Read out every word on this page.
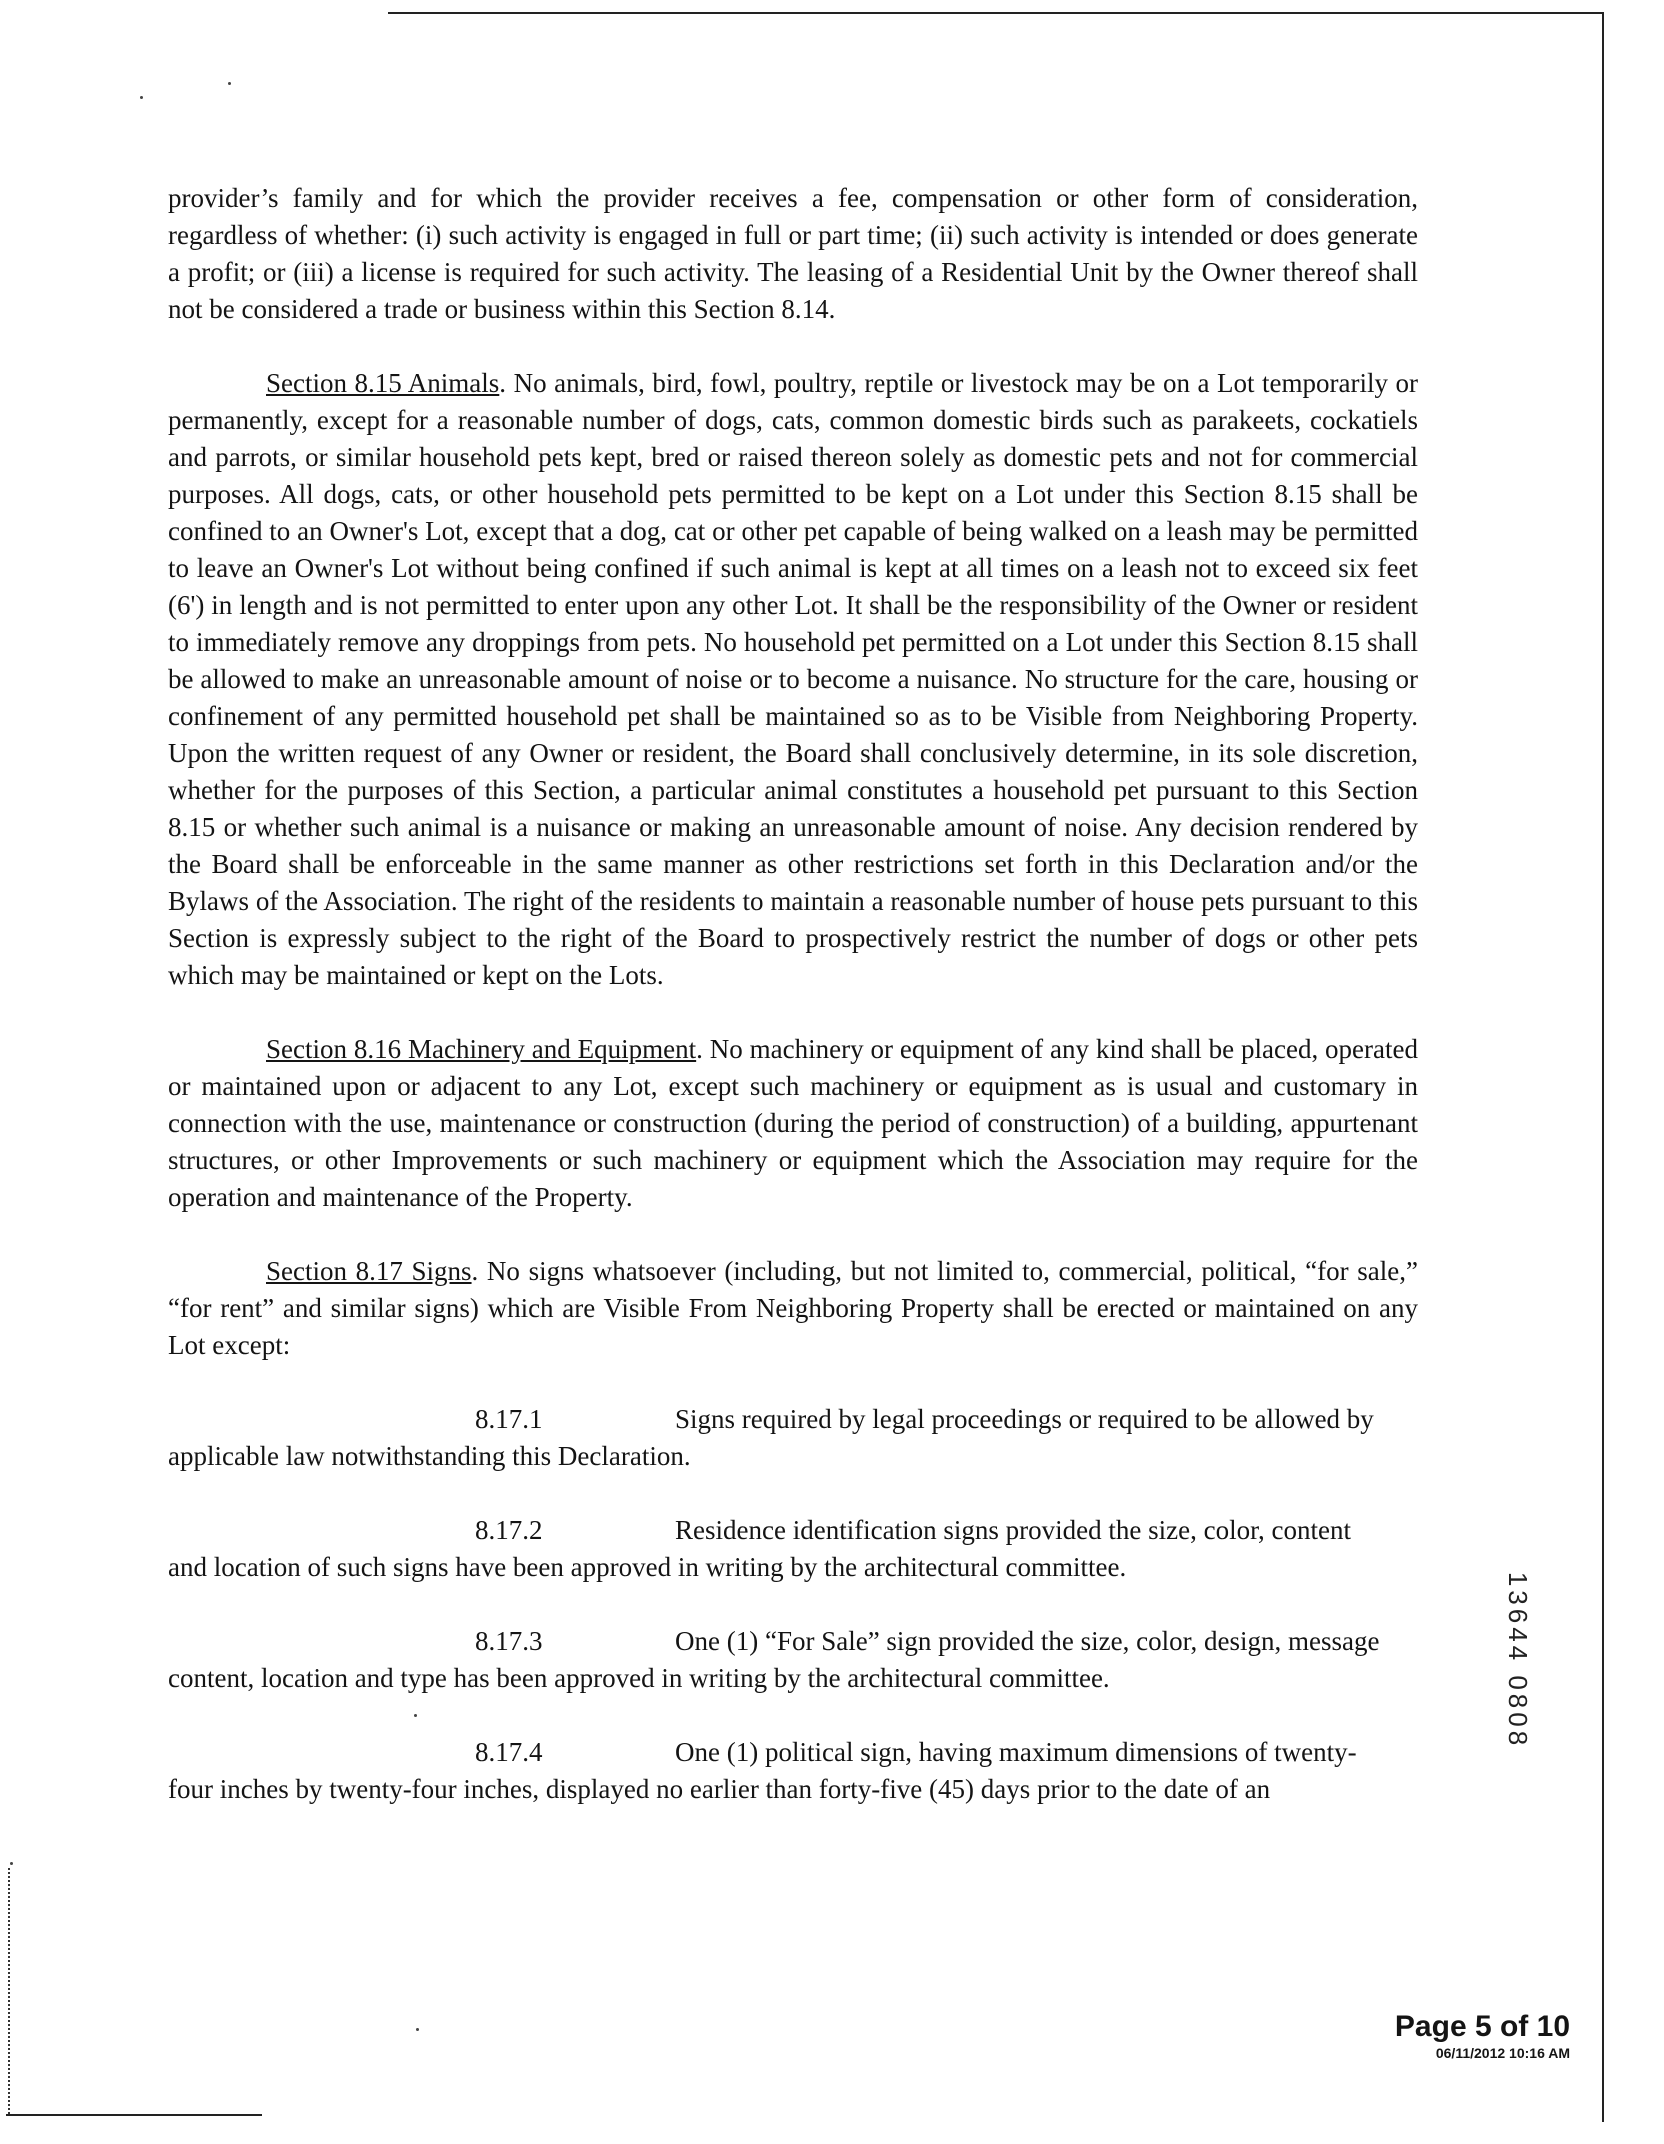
provider’s family and for which the provider receives a fee, compensation or other form of consideration, regardless of whether: (i) such activity is engaged in full or part time; (ii) such activity is intended or does generate a profit; or (iii) a license is required for such activity. The leasing of a Residential Unit by the Owner thereof shall not be considered a trade or business within this Section 8.14.

Section 8.15 Animals. No animals, bird, fowl, poultry, reptile or livestock may be on a Lot temporarily or permanently, except for a reasonable number of dogs, cats, common domestic birds such as parakeets, cockatiels and parrots, or similar household pets kept, bred or raised thereon solely as domestic pets and not for commercial purposes. All dogs, cats, or other household pets permitted to be kept on a Lot under this Section 8.15 shall be confined to an Owner's Lot, except that a dog, cat or other pet capable of being walked on a leash may be permitted to leave an Owner's Lot without being confined if such animal is kept at all times on a leash not to exceed six feet (6') in length and is not permitted to enter upon any other Lot. It shall be the responsibility of the Owner or resident to immediately remove any droppings from pets. No household pet permitted on a Lot under this Section 8.15 shall be allowed to make an unreasonable amount of noise or to become a nuisance. No structure for the care, housing or confinement of any permitted household pet shall be maintained so as to be Visible from Neighboring Property. Upon the written request of any Owner or resident, the Board shall conclusively determine, in its sole discretion, whether for the purposes of this Section, a particular animal constitutes a household pet pursuant to this Section 8.15 or whether such animal is a nuisance or making an unreasonable amount of noise. Any decision rendered by the Board shall be enforceable in the same manner as other restrictions set forth in this Declaration and/or the Bylaws of the Association. The right of the residents to maintain a reasonable number of house pets pursuant to this Section is expressly subject to the right of the Board to prospectively restrict the number of dogs or other pets which may be maintained or kept on the Lots.

Section 8.16 Machinery and Equipment. No machinery or equipment of any kind shall be placed, operated or maintained upon or adjacent to any Lot, except such machinery or equipment as is usual and customary in connection with the use, maintenance or construction (during the period of construction) of a building, appurtenant structures, or other Improvements or such machinery or equipment which the Association may require for the operation and maintenance of the Property.

Section 8.17 Signs. No signs whatsoever (including, but not limited to, commercial, political, “for sale,” “for rent” and similar signs) which are Visible From Neighboring Property shall be erected or maintained on any Lot except:

8.17.1	Signs required by legal proceedings or required to be allowed by
applicable law notwithstanding this Declaration.
8.17.2	Residence identification signs provided the size, color, content
and location of such signs have been approved in writing by the architectural committee.
8.17.3	One (1) “For Sale” sign provided the size, color, design, message
content, location and type has been approved in writing by the architectural committee.
8.17.4	One (1) political sign, having maximum dimensions of twenty-
four inches by twenty-four inches, displayed no earlier than forty-five (45) days prior to the date of an
13644 0808
Page 5 of 10
06/11/2012 10:16 AM
